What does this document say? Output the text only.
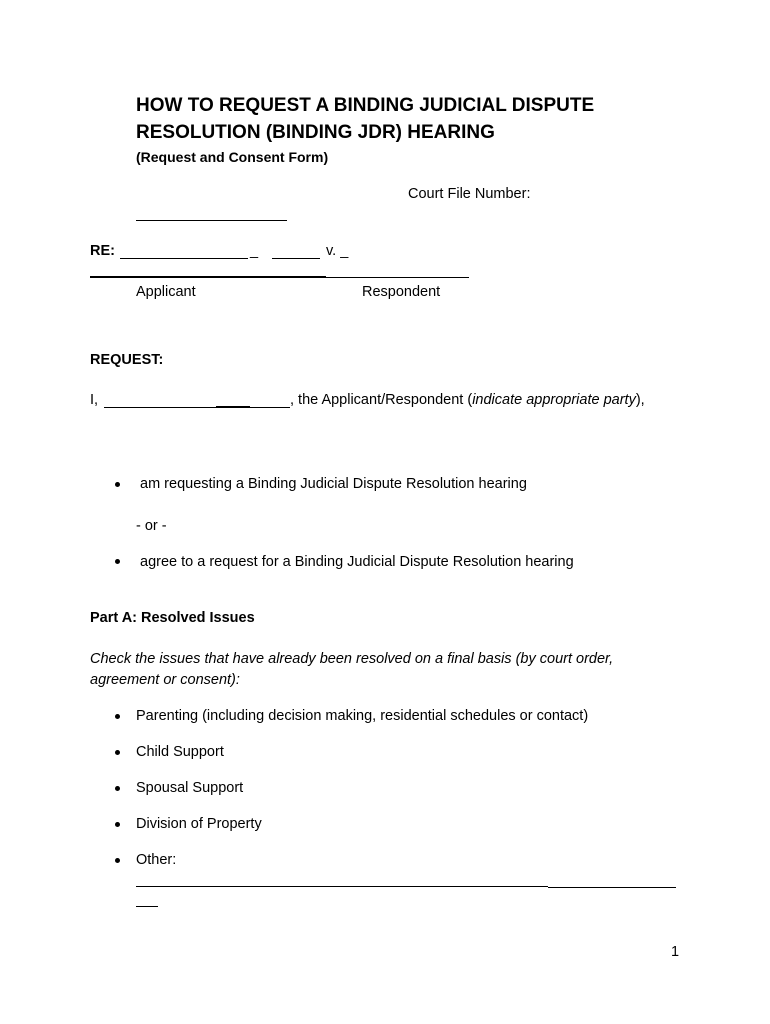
HOW TO REQUEST A BINDING JUDICIAL DISPUTE
RESOLUTION (BINDING JDR) HEARING
(Request and Consent Form)
Court File Number:
RE:	_	v. _
Applicant	Respondent
REQUEST:
I,	, the Applicant/Respondent (indicate appropriate party),
am requesting a Binding Judicial Dispute Resolution hearing
- or -
agree to a request for a Binding Judicial Dispute Resolution hearing
Part A: Resolved Issues
Check the issues that have already been resolved on a final basis (by court order,
agreement or consent):
Parenting (including decision making, residential schedules or contact)
Child Support
Spousal Support
Division of Property
Other:
1
